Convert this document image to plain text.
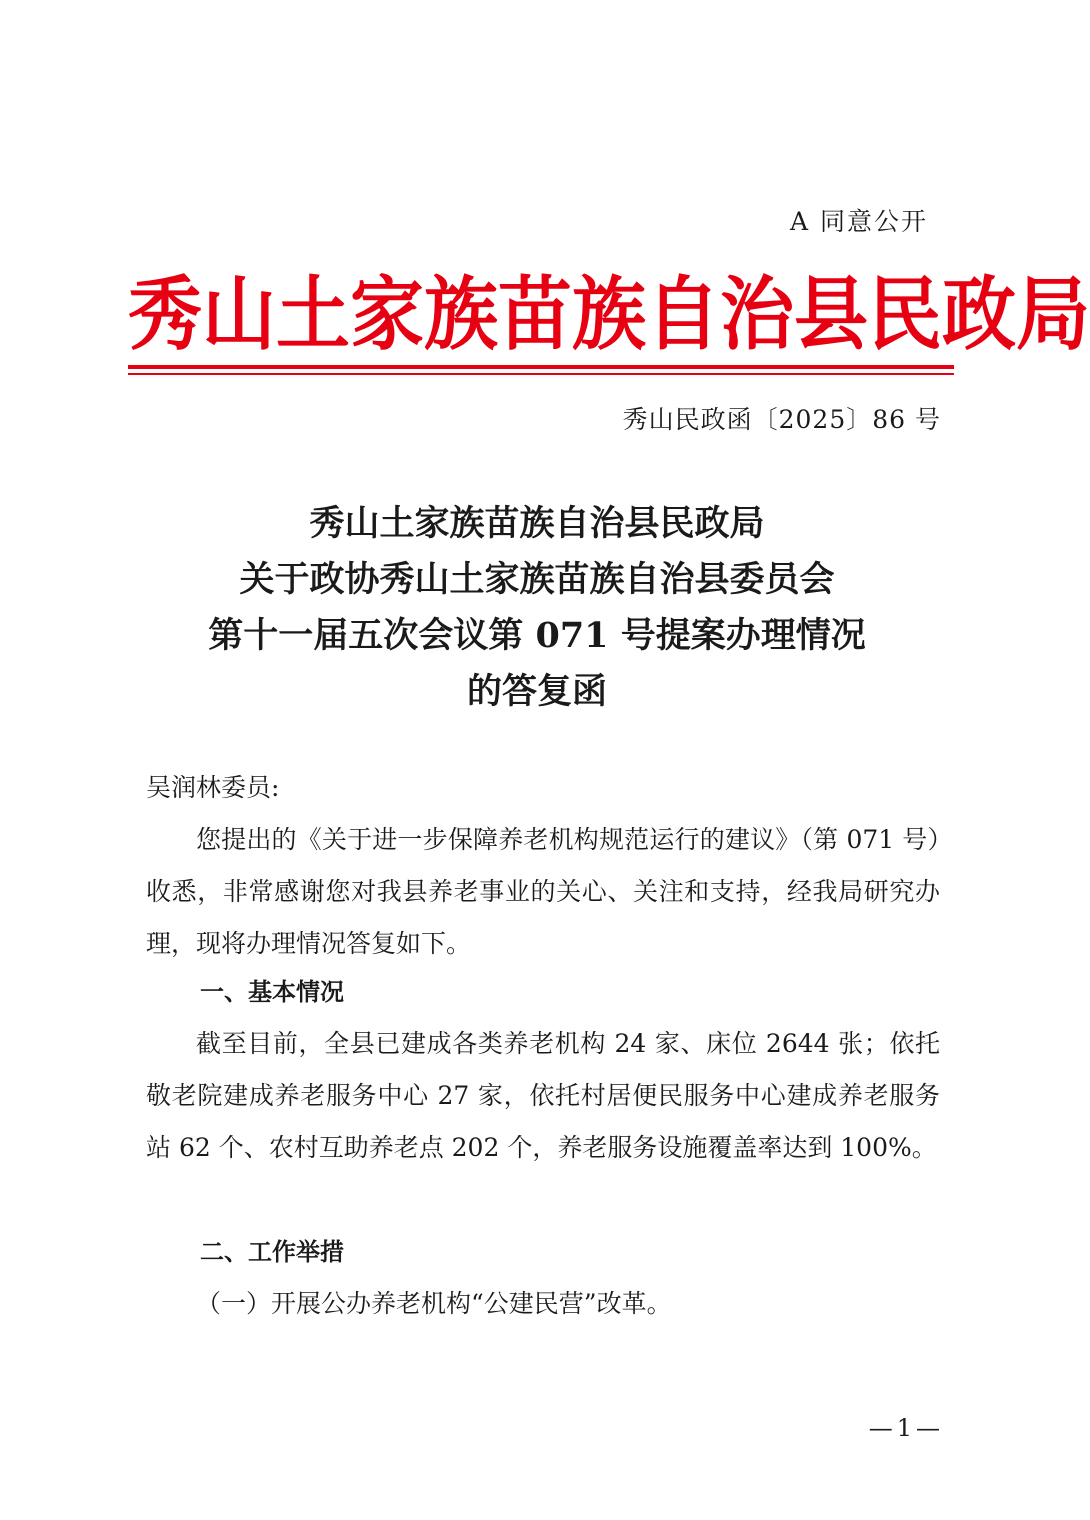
A 同意公开
秀 山 土 家 族 苗 族 自 治 县 民 政 局
秀山民政函〔2025〕86 号
秀山土家族苗族自治县民政局
关于政协秀山土家族苗族自治县委员会
第十一届五次会议第 071 号提案办理情况
的答复函
吴润林委员:
您提出的《关于进一步保障养老机构规范运行的建议》（第 071 号）收悉，非常感谢您对我县养老事业的关心、关注和支持，经我局研究办理，现将办理情况答复如下。
一、基本情况
截至目前，全县已建成各类养老机构 24 家、床位 2644 张；依托敬老院建成养老服务中心 27 家，依托村居便民服务中心建成养老服务站 62 个、农村互助养老点 202 个，养老服务设施覆盖率达到 100%。
二、工作举措
（一）开展公办养老机构“公建民营”改革。
—1—
